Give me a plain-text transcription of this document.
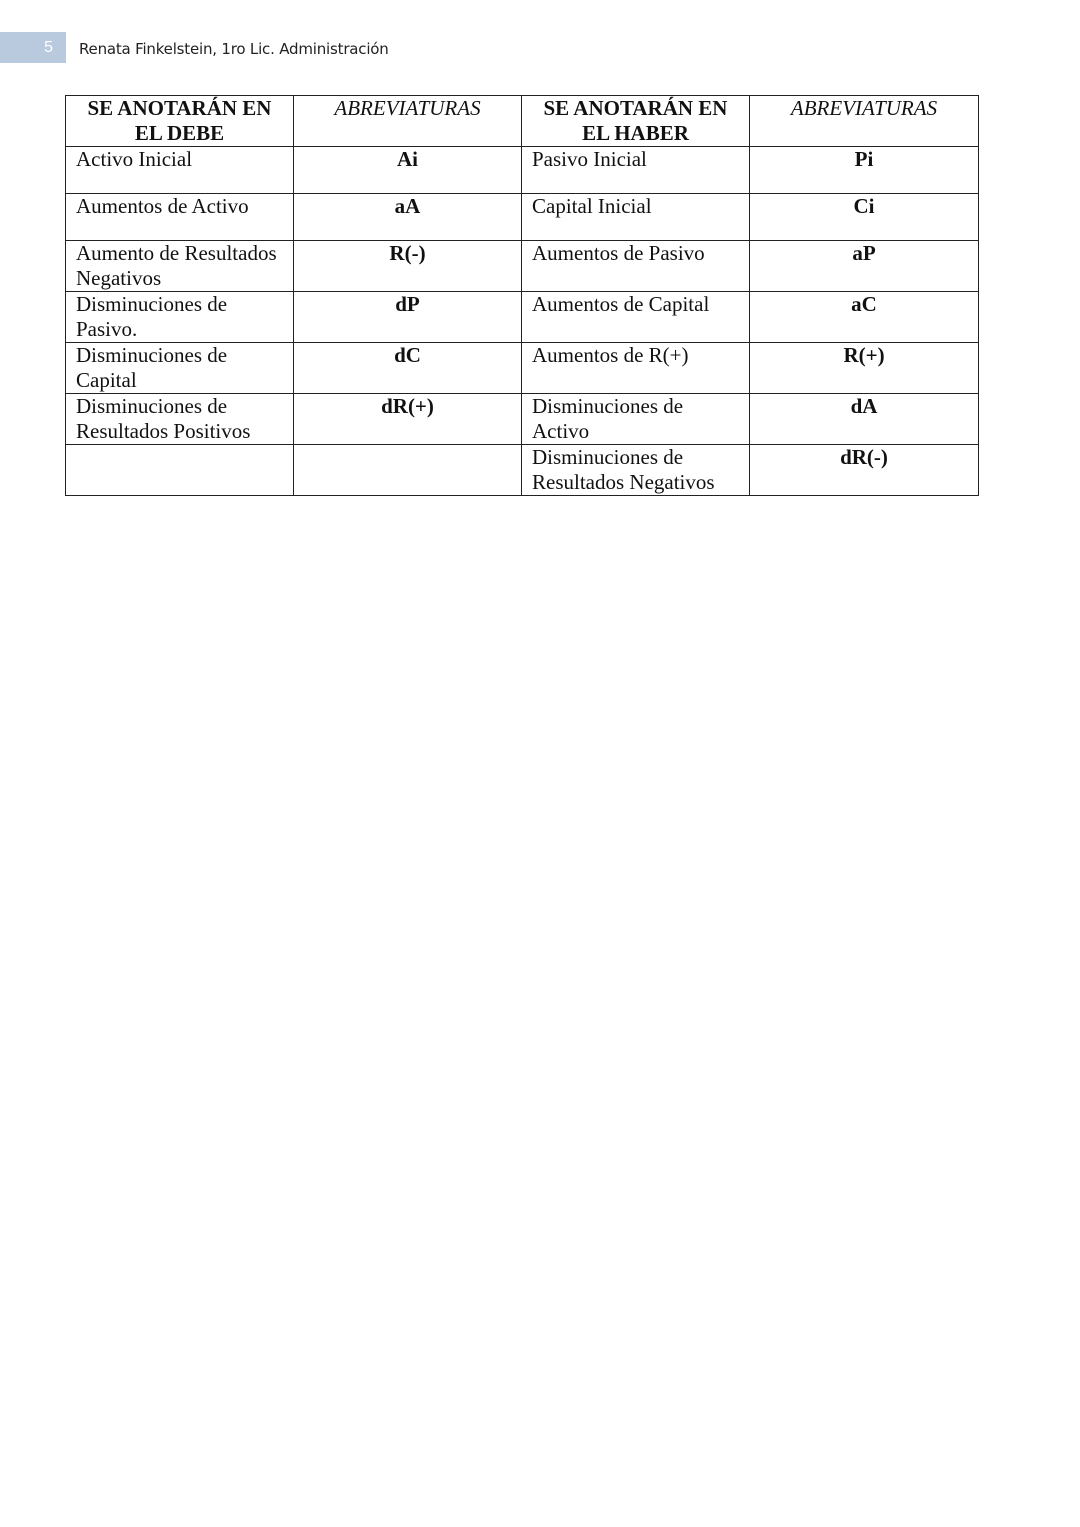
5	Renata Finkelstein, 1ro Lic. Administración
SE ANOTARÁN EN EL DEBE	ABREVIATURAS	SE ANOTARÁN EN EL HABER	ABREVIATURAS
Activo Inicial	Ai	Pasivo Inicial	Pi
Aumentos de Activo	aA	Capital Inicial	Ci
Aumento de Resultados Negativos	R(-)	Aumentos de Pasivo	aP
Disminuciones de Pasivo.	dP	Aumentos de Capital	aC
Disminuciones de Capital	dC	Aumentos de R(+)	R(+)
Disminuciones de Resultados Positivos	dR(+)	Disminuciones de Activo	dA
		Disminuciones de Resultados Negativos	dR(-)
